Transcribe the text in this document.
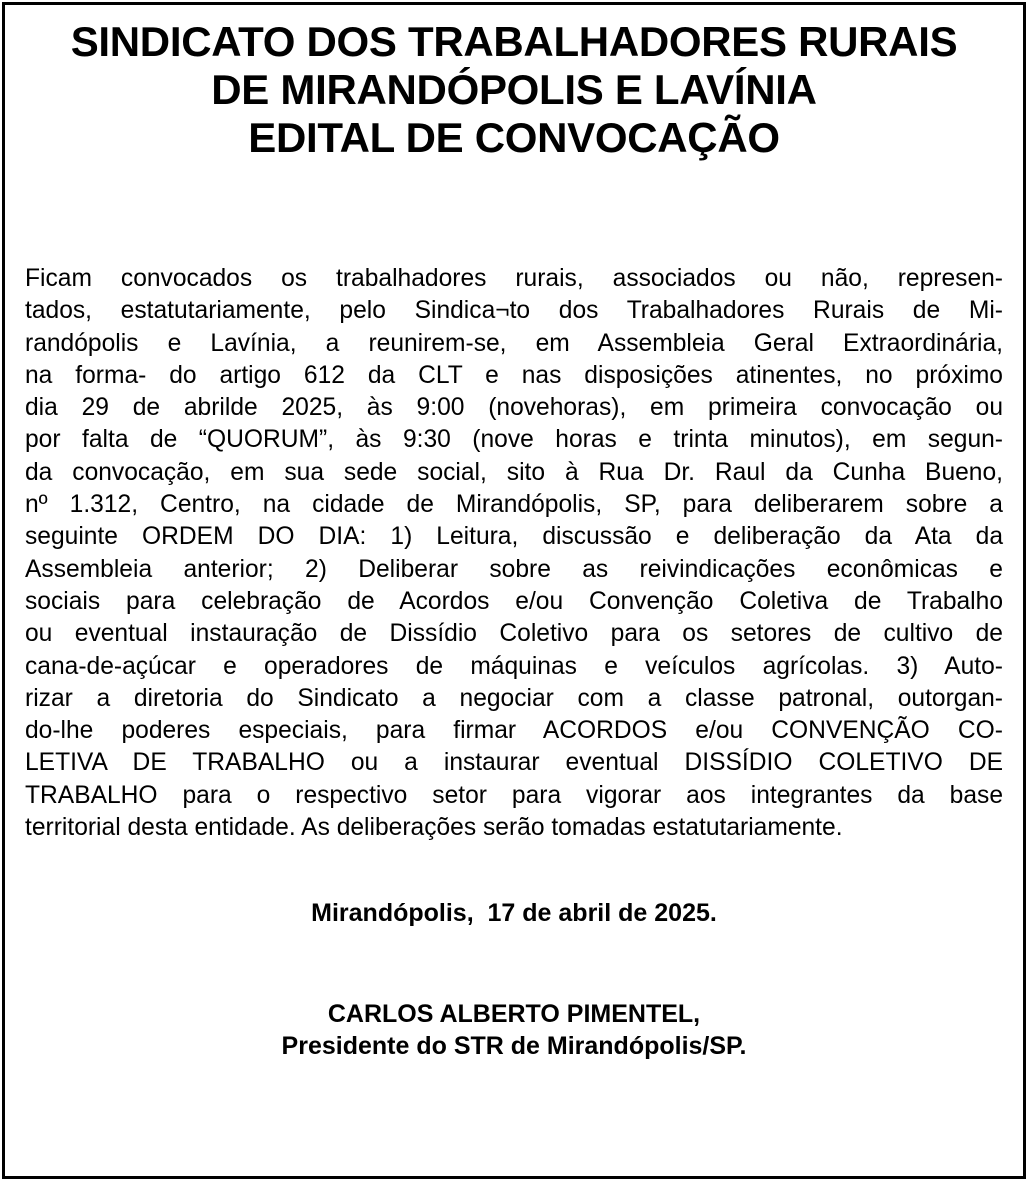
SINDICATO DOS TRABALHADORES RURAIS
DE MIRANDÓPOLIS E LAVÍNIA
EDITAL DE CONVOCAÇÃO
Ficam convocados os trabalhadores rurais, associados ou não, represen-
tados, estatutariamente, pelo Sindica¬to dos Trabalhadores Rurais de Mi-
randópolis e Lavínia, a reunirem-se, em Assembleia Geral Extraordinária,
na forma- do artigo 612 da CLT e nas disposições atinentes, no próximo
dia 29 de abrilde 2025, às 9:00 (novehoras), em primeira convocação ou
por falta de “QUORUM”, às 9:30 (nove horas e trinta minutos), em segun-
da convocação, em sua sede social, sito à Rua Dr. Raul da Cunha Bueno,
nº 1.312, Centro, na cidade de Mirandópolis, SP, para deliberarem sobre a
seguinte ORDEM DO DIA: 1) Leitura, discussão e deliberação da Ata da
Assembleia anterior; 2) Deliberar sobre as reivindicações econômicas e
sociais para celebração de Acordos e/ou Convenção Coletiva de Trabalho
ou eventual instauração de Dissídio Coletivo para os setores de cultivo de
cana-de-açúcar e operadores de máquinas e veículos agrícolas. 3) Auto-
rizar a diretoria do Sindicato a negociar com a classe patronal, outorgan-
do-lhe poderes especiais, para firmar ACORDOS e/ou CONVENÇÃO CO-
LETIVA DE TRABALHO ou a instaurar eventual DISSÍDIO COLETIVO DE
TRABALHO para o respectivo setor para vigorar aos integrantes da base
territorial desta entidade. As deliberações serão tomadas estatutariamente.
Mirandópolis,  17 de abril de 2025.
CARLOS ALBERTO PIMENTEL,
Presidente do STR de Mirandópolis/SP.
